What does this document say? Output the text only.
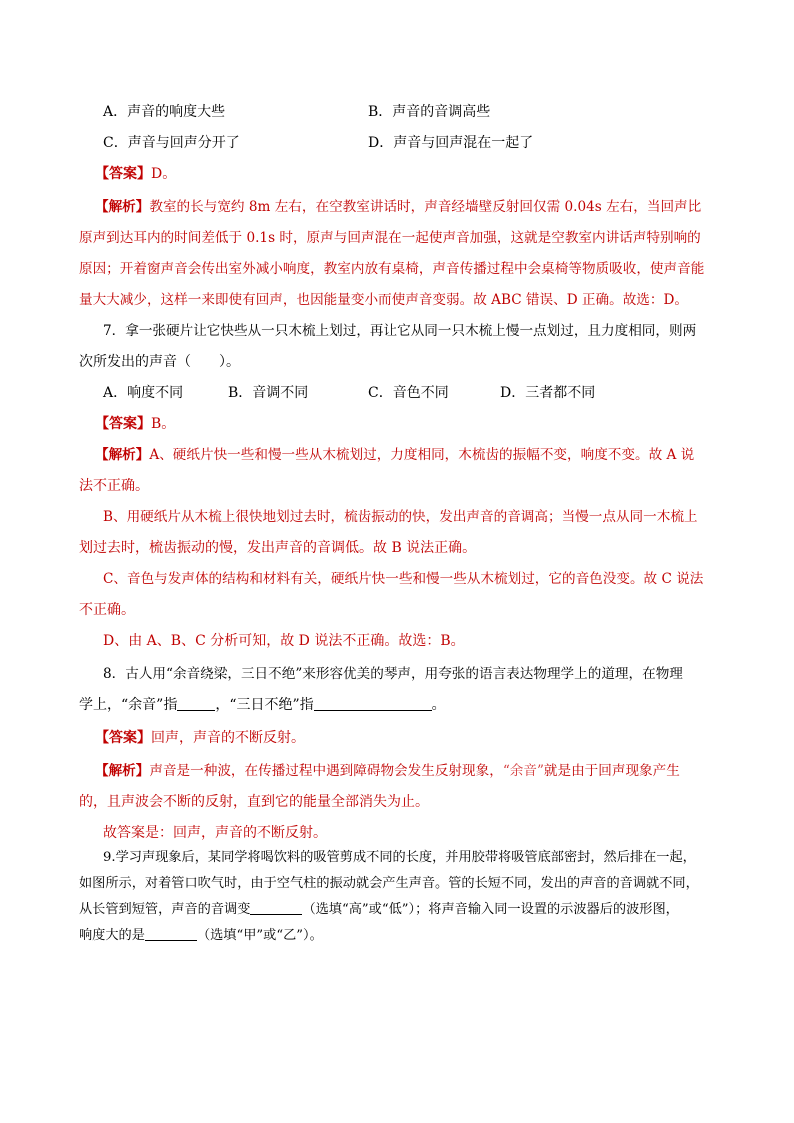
A．声音的响度大些	B．声音的音调高些
C．声音与回声分开了	D．声音与回声混在一起了
【答案】D。
【解析】教室的长与宽约 8m 左右，在空教室讲话时，声音经墙壁反射回仅需 0.04s 左右，当回声比
原声到达耳内的时间差低于 0.1s 时，原声与回声混在一起使声音加强，这就是空教室内讲话声特别响的
原因；开着窗声音会传出室外减小响度，教室内放有桌椅，声音传播过程中会桌椅等物质吸收，使声音能
量大大减少，这样一来即使有回声，也因能量变小而使声音变弱。故 ABC 错误、D 正确。故选：D。
7．拿一张硬片让它快些从一只木梳上划过，再让它从同一只木梳上慢一点划过，且力度相同，则两
次所发出的声音（　　）。
A．响度不同	B．音调不同	C．音色不同	D．三者都不同
【答案】B。
【解析】A、硬纸片快一些和慢一些从木梳划过，力度相同，木梳齿的振幅不变，响度不变。故 A 说
法不正确。
B、用硬纸片从木梳上很快地划过去时，梳齿振动的快，发出声音的音调高；当慢一点从同一木梳上
划过去时，梳齿振动的慢，发出声音的音调低。故 B 说法正确。
C、音色与发声体的结构和材料有关，硬纸片快一些和慢一些从木梳划过，它的音色没变。故 C 说法
不正确。
D、由 A、B、C 分析可知，故 D 说法不正确。故选：B。
8．古人用“余音绕梁，三日不绝”来形容优美的琴声，用夸张的语言表达物理学上的道理，在物理
学上，“余音”指	，“三日不绝”指	。
【答案】回声，声音的不断反射。
【解析】声音是一种波，在传播过程中遇到障碍物会发生反射现象，“余音”就是由于回声现象产生
的，且声波会不断的反射，直到它的能量全部消失为止。
故答案是：回声，声音的不断反射。
9.学习声现象后，某同学将喝饮料的吸管剪成不同的长度，并用胶带将吸管底部密封，然后排在一起，
如图所示，对着管口吹气时，由于空气柱的振动就会产生声音。管的长短不同，发出的声音的音调就不同，
从长管到短管，声音的音调变	（选填“高”或“低”）；将声音输入同一设置的示波器后的波形图，
响度大的是	（选填“甲”或“乙”）。
